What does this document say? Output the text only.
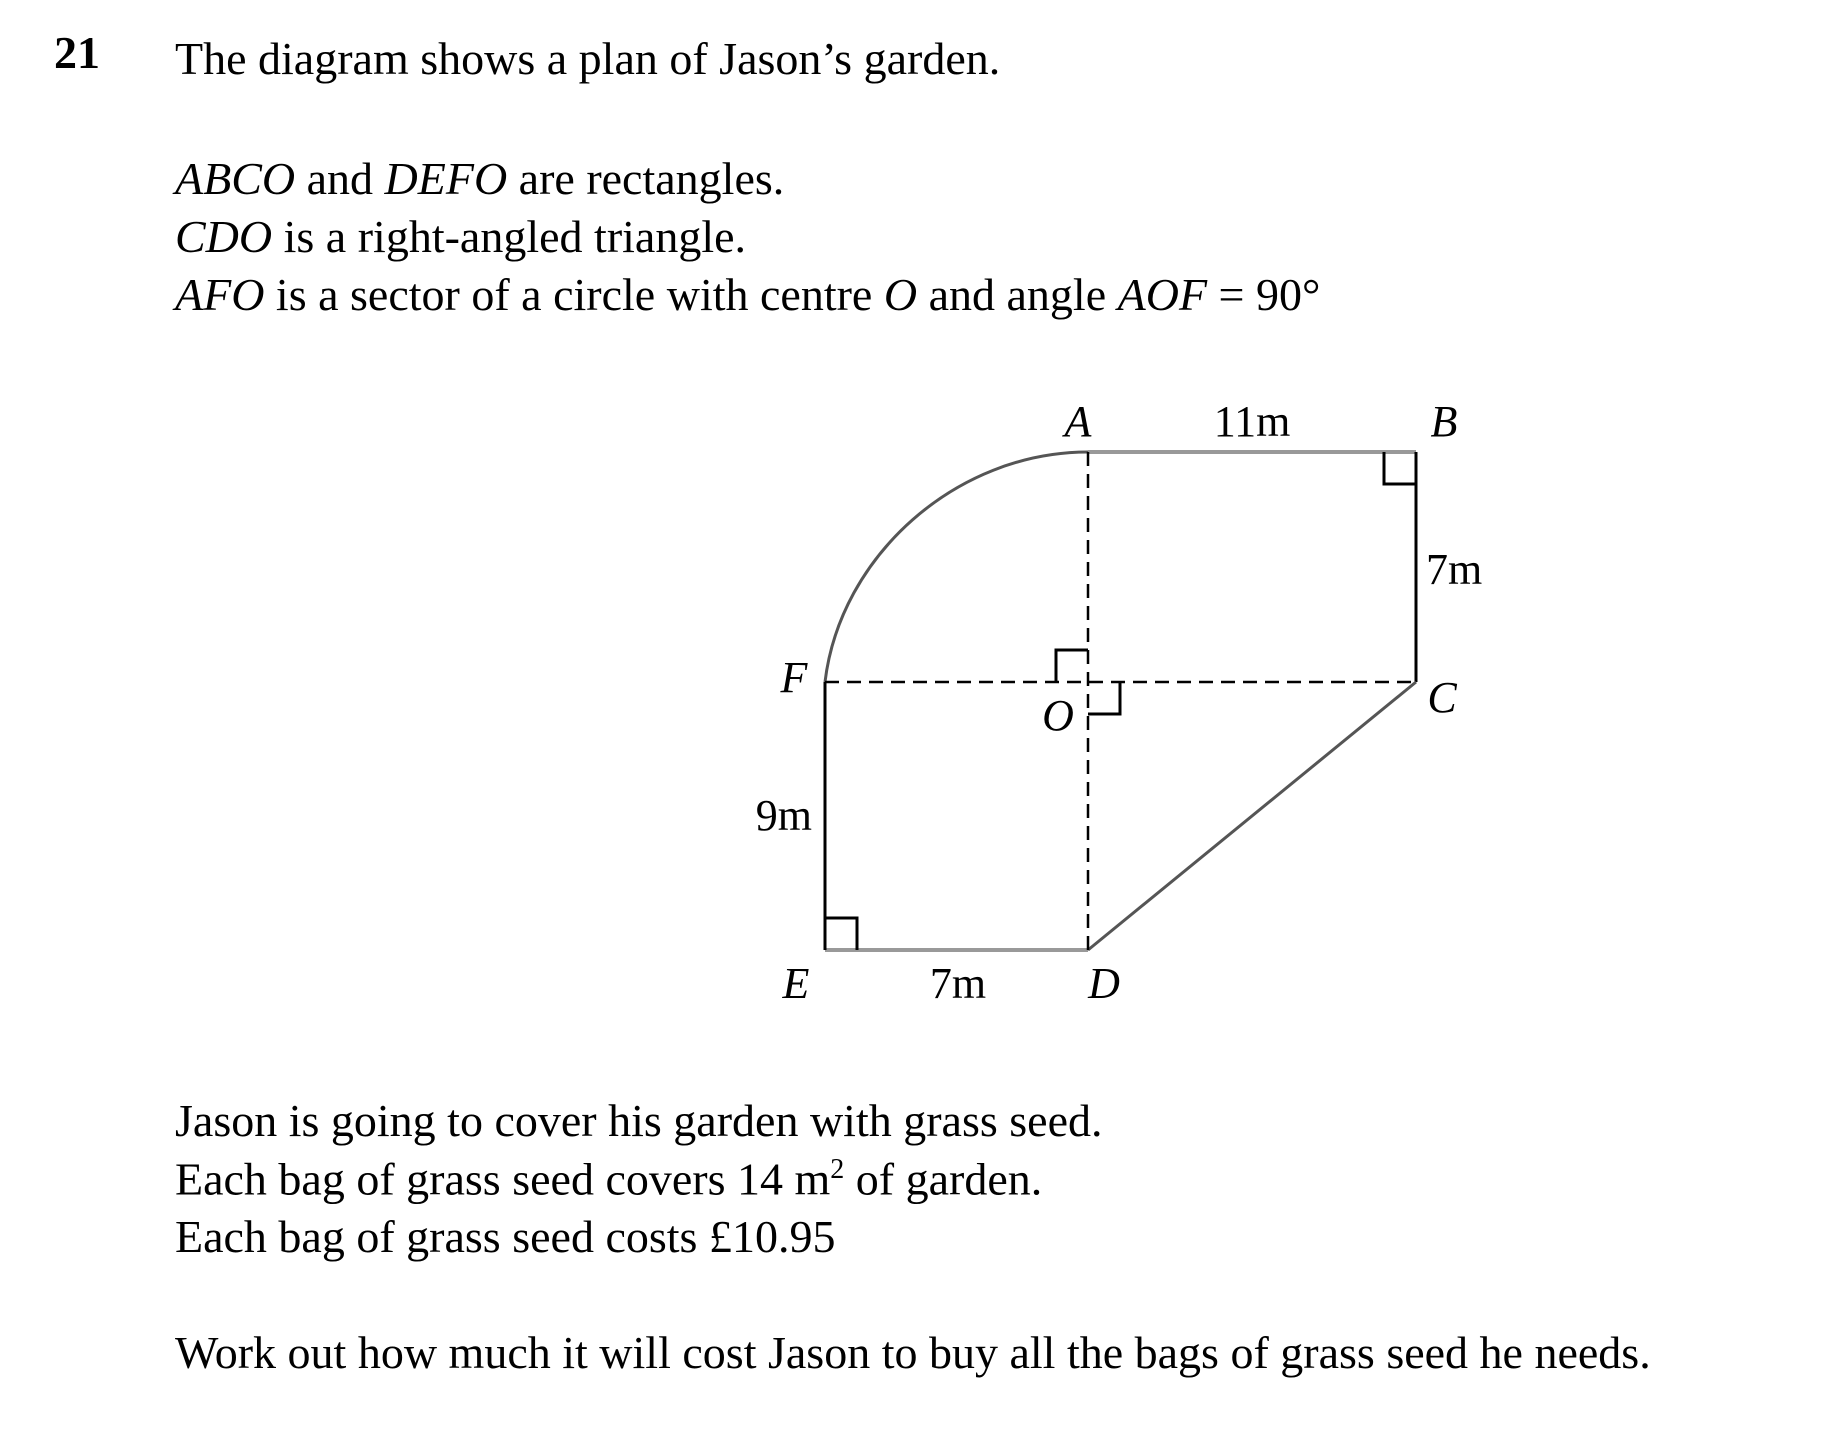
21 The diagram shows a plan of Jason’s garden.
ABCO and DEFO are rectangles.
CDO is a right-angled triangle.
AFO is a sector of a circle with centre O and angle AOF = 90°
A	B
C
D
E
F
O
11m
7m
9m
7m
Jason is going to cover his garden with grass seed.
Each bag of grass seed covers 14 $m^2$ of garden.
Each bag of grass seed costs £10.95
Work out how much it will cost Jason to buy all the bags of grass seed he needs.
